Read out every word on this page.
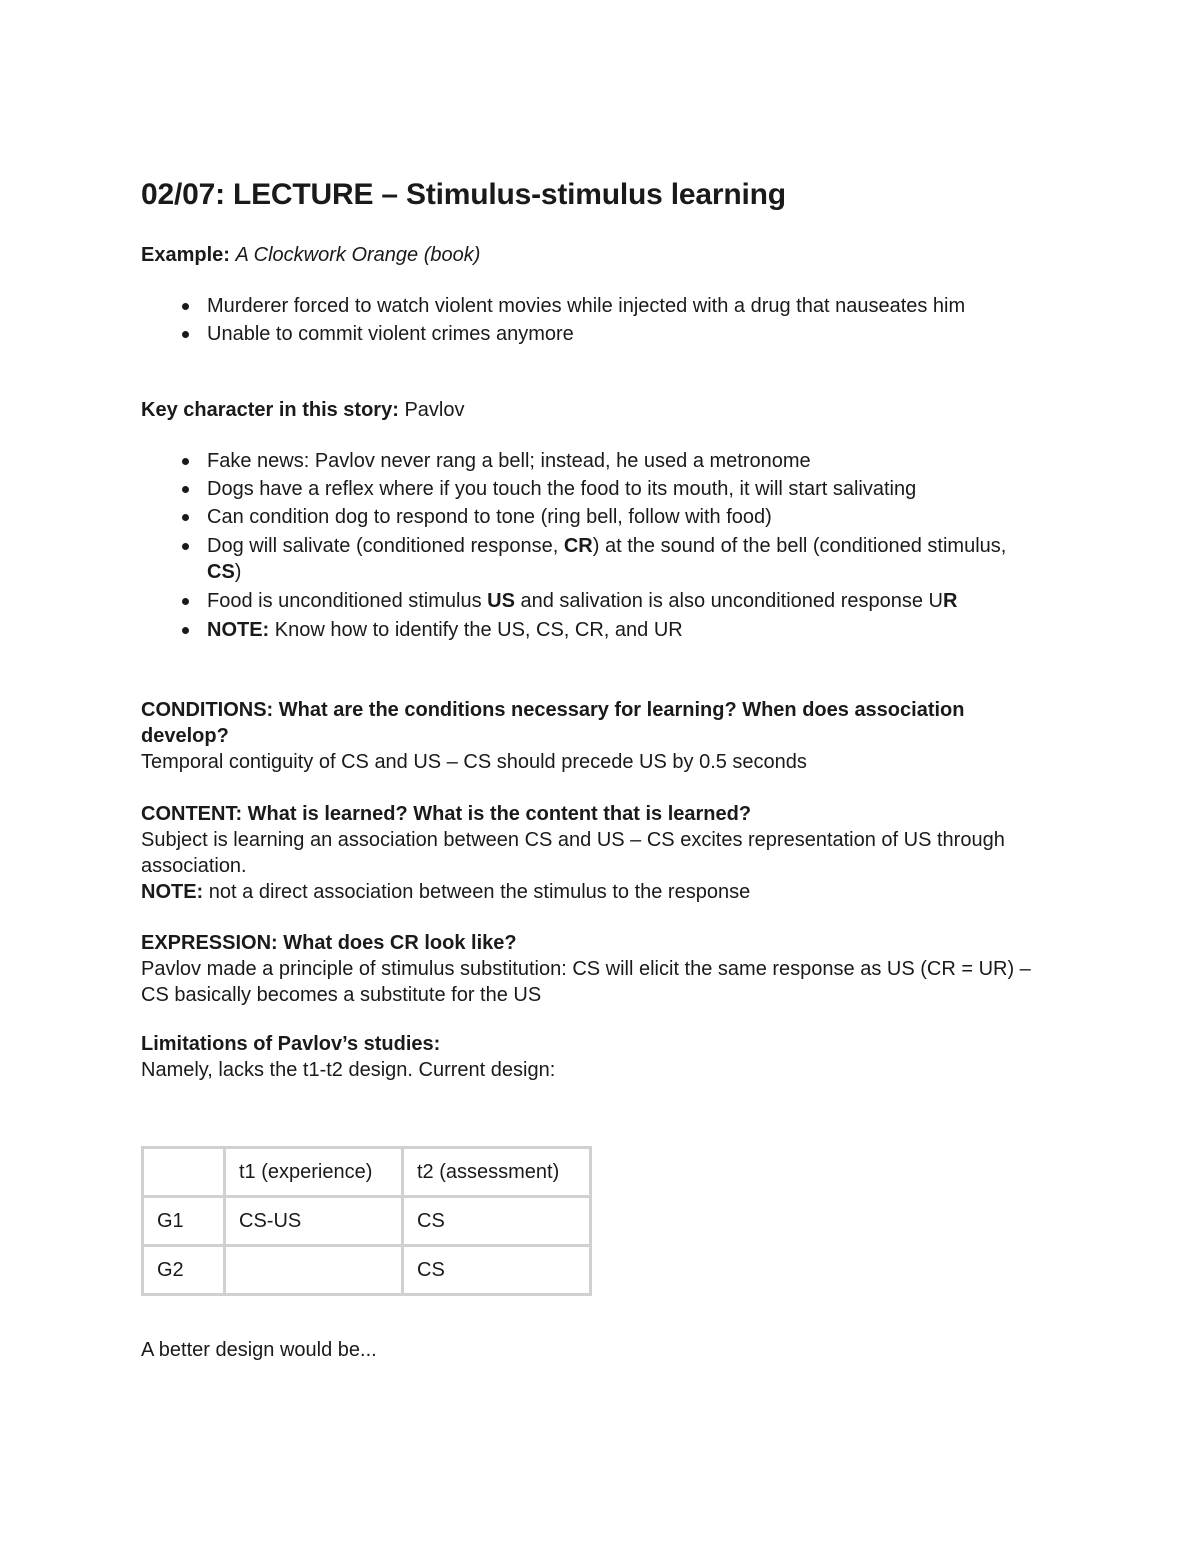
02/07: LECTURE – Stimulus-stimulus learning
Example: A Clockwork Orange (book)
Murderer forced to watch violent movies while injected with a drug that nauseates him
Unable to commit violent crimes anymore
Key character in this story: Pavlov
Fake news: Pavlov never rang a bell; instead, he used a metronome
Dogs have a reflex where if you touch the food to its mouth, it will start salivating
Can condition dog to respond to tone (ring bell, follow with food)
Dog will salivate (conditioned response, CR) at the sound of the bell (conditioned stimulus, CS)
Food is unconditioned stimulus US and salivation is also unconditioned response UR
NOTE: Know how to identify the US, CS, CR, and UR
CONDITIONS: What are the conditions necessary for learning? When does association develop?
Temporal contiguity of CS and US – CS should precede US by 0.5 seconds
CONTENT: What is learned? What is the content that is learned?
Subject is learning an association between CS and US – CS excites representation of US through association.
NOTE: not a direct association between the stimulus to the response
EXPRESSION: What does CR look like?
Pavlov made a principle of stimulus substitution: CS will elicit the same response as US (CR = UR) – CS basically becomes a substitute for the US
Limitations of Pavlov’s studies:
Namely, lacks the t1-t2 design. Current design:
	t1 (experience)	t2 (assessment)
G1	CS-US	CS
G2		CS
A better design would be...
